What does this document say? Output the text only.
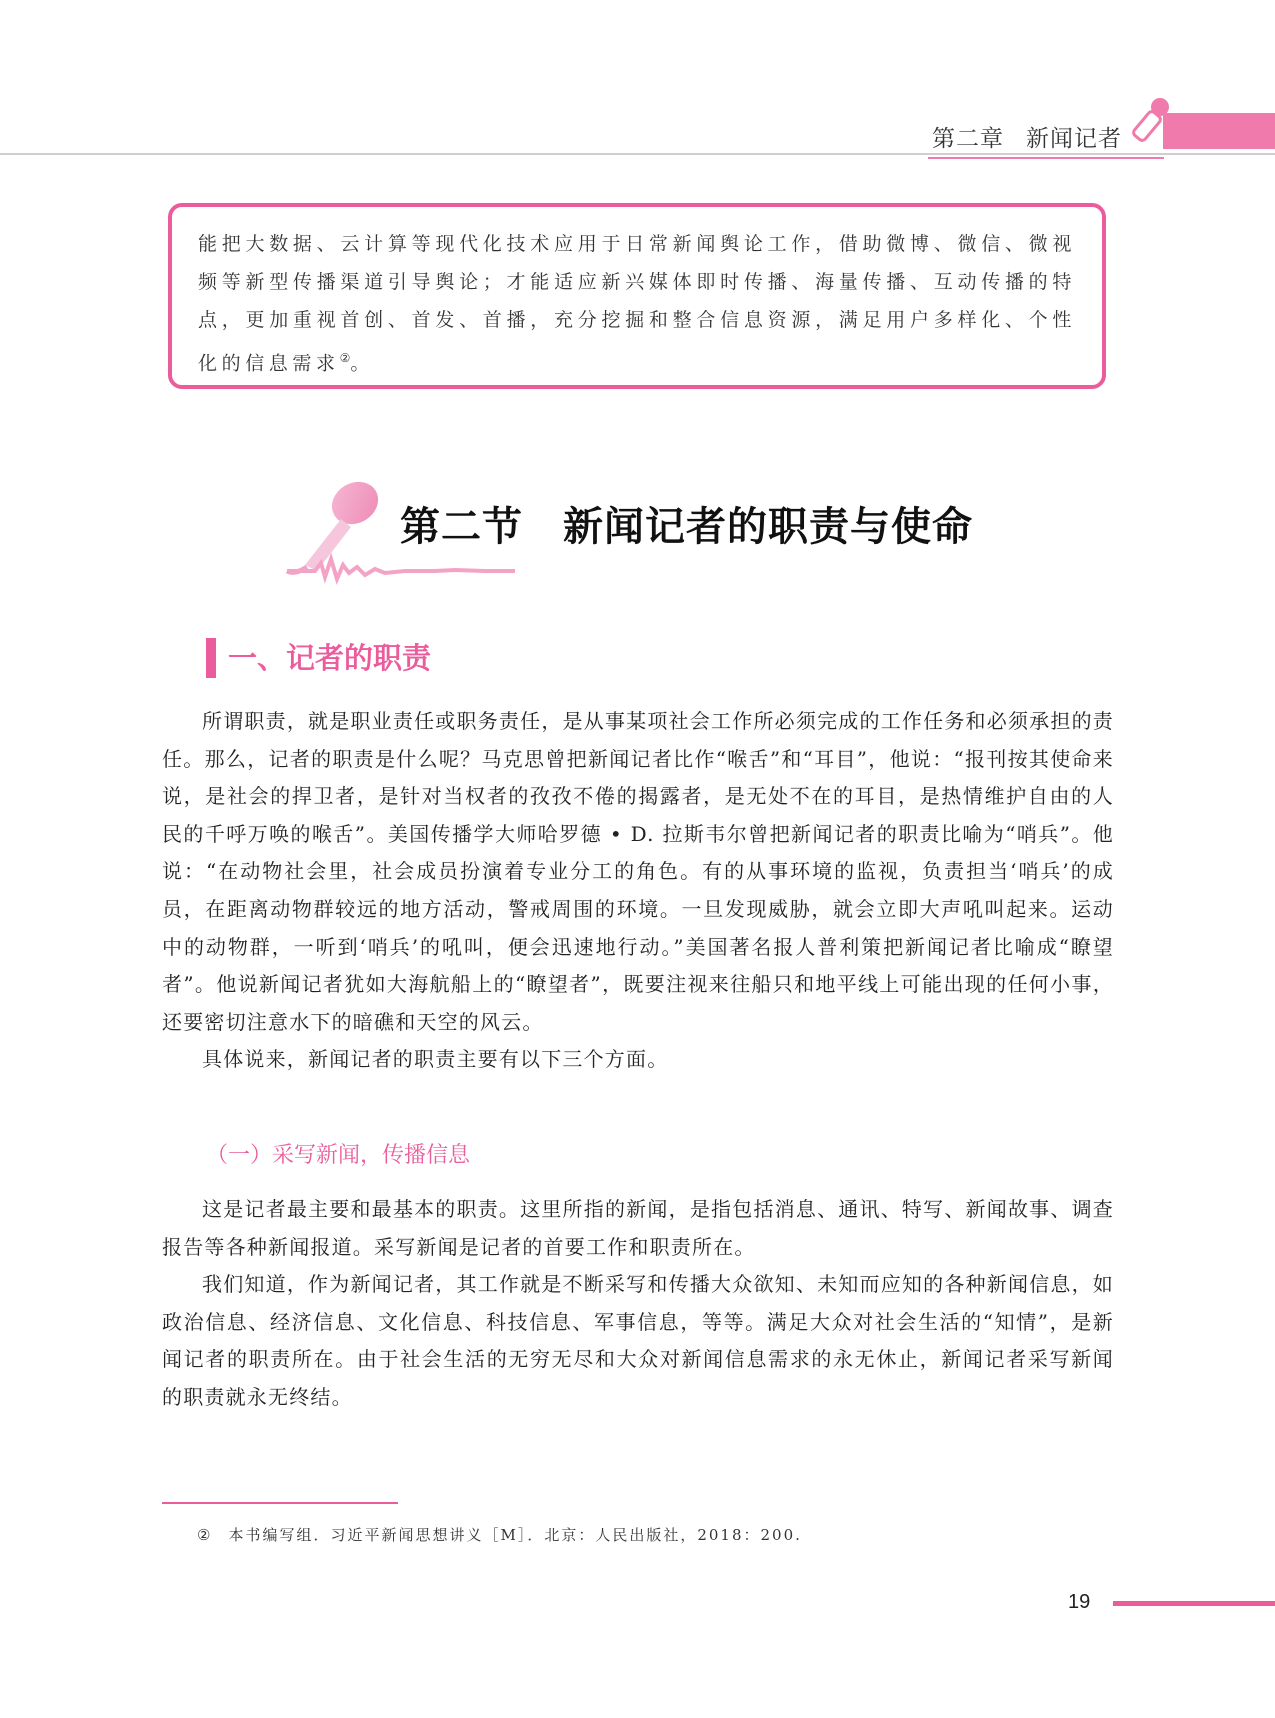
第二章 新闻记者

能把大数据、云计算等现代化技术应用于日常新闻舆论工作，借助微博、微信、微视频等新型传播渠道引导舆论；才能适应新兴媒体即时传播、海量传播、互动传播的特点，更加重视首创、首发、首播，充分挖掘和整合信息资源，满足用户多样化、个性化的信息需求②。

第二节 新闻记者的职责与使命
一、记者的职责

所谓职责，就是职业责任或职务责任，是从事某项社会工作所必须完成的工作任务和必须承担的责任。那么，记者的职责是什么呢？马克思曾把新闻记者比作“喉舌”和“耳目”，他说：“报刊按其使命来说，是社会的捍卫者，是针对当权者的孜孜不倦的揭露者，是无处不在的耳目，是热情维护自由的人民的千呼万唤的喉舌”。美国传播学大师哈罗德 • D. 拉斯韦尔曾把新闻记者的职责比喻为“哨兵”。他说：“在动物社会里，社会成员扮演着专业分工的角色。有的从事环境的监视，负责担当‘哨兵’的成员，在距离动物群较远的地方活动，警戒周围的环境。一旦发现威胁，就会立即大声吼叫起来。运动中的动物群，一听到‘哨兵’的吼叫，便会迅速地行动。”美国著名报人普利策把新闻记者比喻成“瞭望者”。他说新闻记者犹如大海航船上的“瞭望者”，既要注视来往船只和地平线上可能出现的任何小事，还要密切注意水下的暗礁和天空的风云。

具体说来，新闻记者的职责主要有以下三个方面。

（一）采写新闻，传播信息

这是记者最主要和最基本的职责。这里所指的新闻，是指包括消息、通讯、特写、新闻故事、调查报告等各种新闻报道。采写新闻是记者的首要工作和职责所在。

我们知道，作为新闻记者，其工作就是不断采写和传播大众欲知、未知而应知的各种新闻信息，如政治信息、经济信息、文化信息、科技信息、军事信息，等等。满足大众对社会生活的“知情”，是新闻记者的职责所在。由于社会生活的无穷无尽和大众对新闻信息需求的永无休止，新闻记者采写新闻的职责就永无终结。

② 本书编写组．习近平新闻思想讲义［M］．北京：人民出版社，2018：200.
19
